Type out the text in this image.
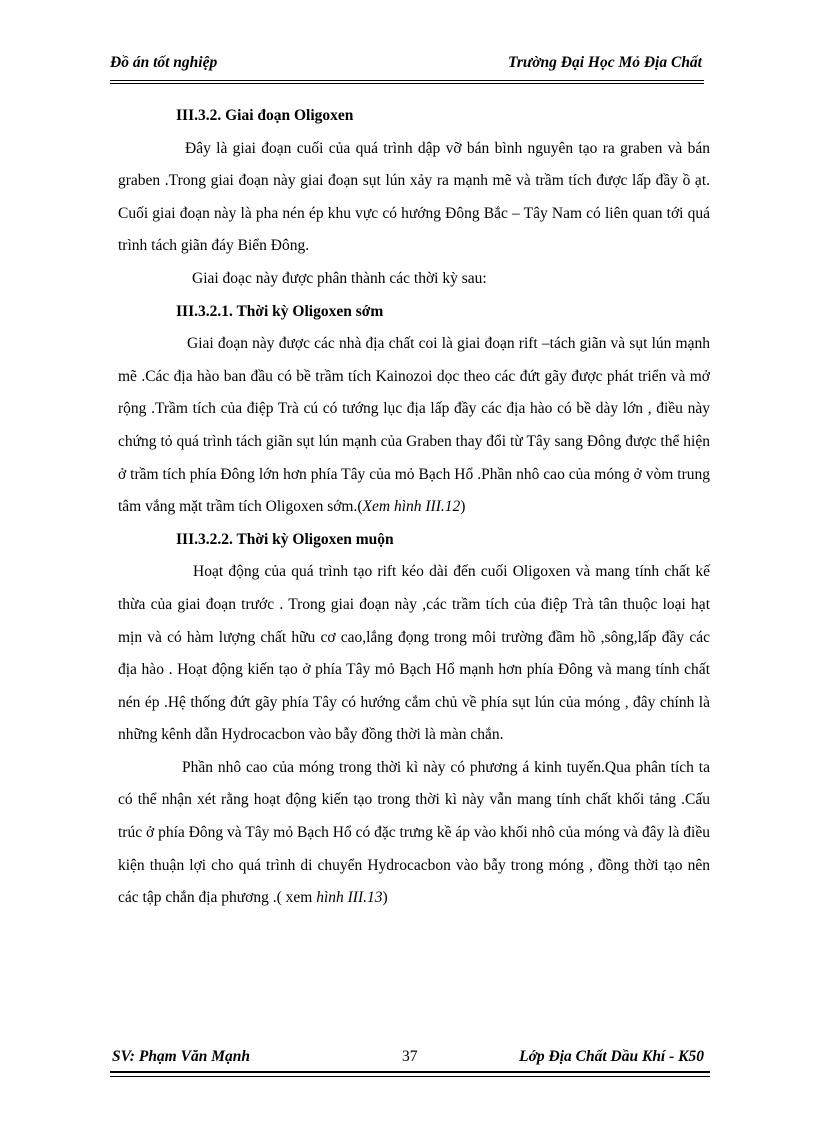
Đồ án tốt nghiệp	Trường Đại Học Mỏ Địa Chất
III.3.2. Giai đoạn Oligoxen
Đây là giai đoạn cuối của quá trình dập vỡ bán bình nguyên tạo ra graben và bán graben .Trong giai đoạn này giai đoạn sụt lún xảy ra mạnh mẽ và trầm tích được lấp đầy ồ ạt. Cuối giai đoạn này là pha nén ép khu vực có hướng Đông Bắc – Tây Nam có liên quan tới quá trình tách giãn đáy Biển Đông.
Giai đoạc này được phân thành các thời kỳ sau:
III.3.2.1. Thời kỳ Oligoxen sớm
Giai đoạn này được các nhà địa chất coi là giai đoạn rift –tách giãn và sụt lún mạnh mẽ .Các địa hào ban đầu có bề trầm tích Kainozoi dọc theo các đứt gãy được phát triển và mở rộng .Trầm tích của điệp Trà cú có tướng lục địa lấp đầy các địa hào có bề dày lớn , điều này chứng tỏ quá trình tách giãn sụt lún mạnh của Graben thay đổi từ Tây sang Đông được thể hiện ở trầm tích phía Đông lớn hơn phía Tây của mỏ Bạch Hổ .Phần nhô cao của móng ở vòm trung tâm vắng mặt trầm tích Oligoxen sớm.(Xem hình III.12)
III.3.2.2. Thời kỳ Oligoxen muộn
Hoạt động của quá trình tạo rift kéo dài đến cuối Oligoxen và mang tính chất kế thừa của giai đoạn trước . Trong giai đoạn này ,các trầm tích của điệp Trà tân thuộc loại hạt mịn và có hàm lượng chất hữu cơ cao,lắng đọng trong môi trường đầm hồ ,sông,lấp đầy các địa hào . Hoạt động kiến tạo ở phía Tây mỏ Bạch Hổ mạnh hơn phía Đông và mang tính chất nén ép .Hệ thống đứt gãy phía Tây có hướng cắm chủ về phía sụt lún của móng , đây chính là những kênh dẫn Hydrocacbon vào bẫy đồng thời là màn chắn.
Phần nhô cao của móng trong thời kì này có phương á kinh tuyến.Qua phân tích ta có thể nhận xét rằng hoạt động kiến tạo trong thời kì này vẫn mang tính chất khối tảng .Cấu trúc ở phía Đông và Tây mỏ Bạch Hổ có đặc trưng kề áp vào khối nhô của móng và đây là điều kiện thuận lợi cho quá trình di chuyển Hydrocacbon vào bẫy trong móng , đồng thời tạo nên các tập chắn địa phương .( xem hình III.13)
SV: Phạm Văn Mạnh	37	Lớp Địa Chất Dầu Khí - K50
